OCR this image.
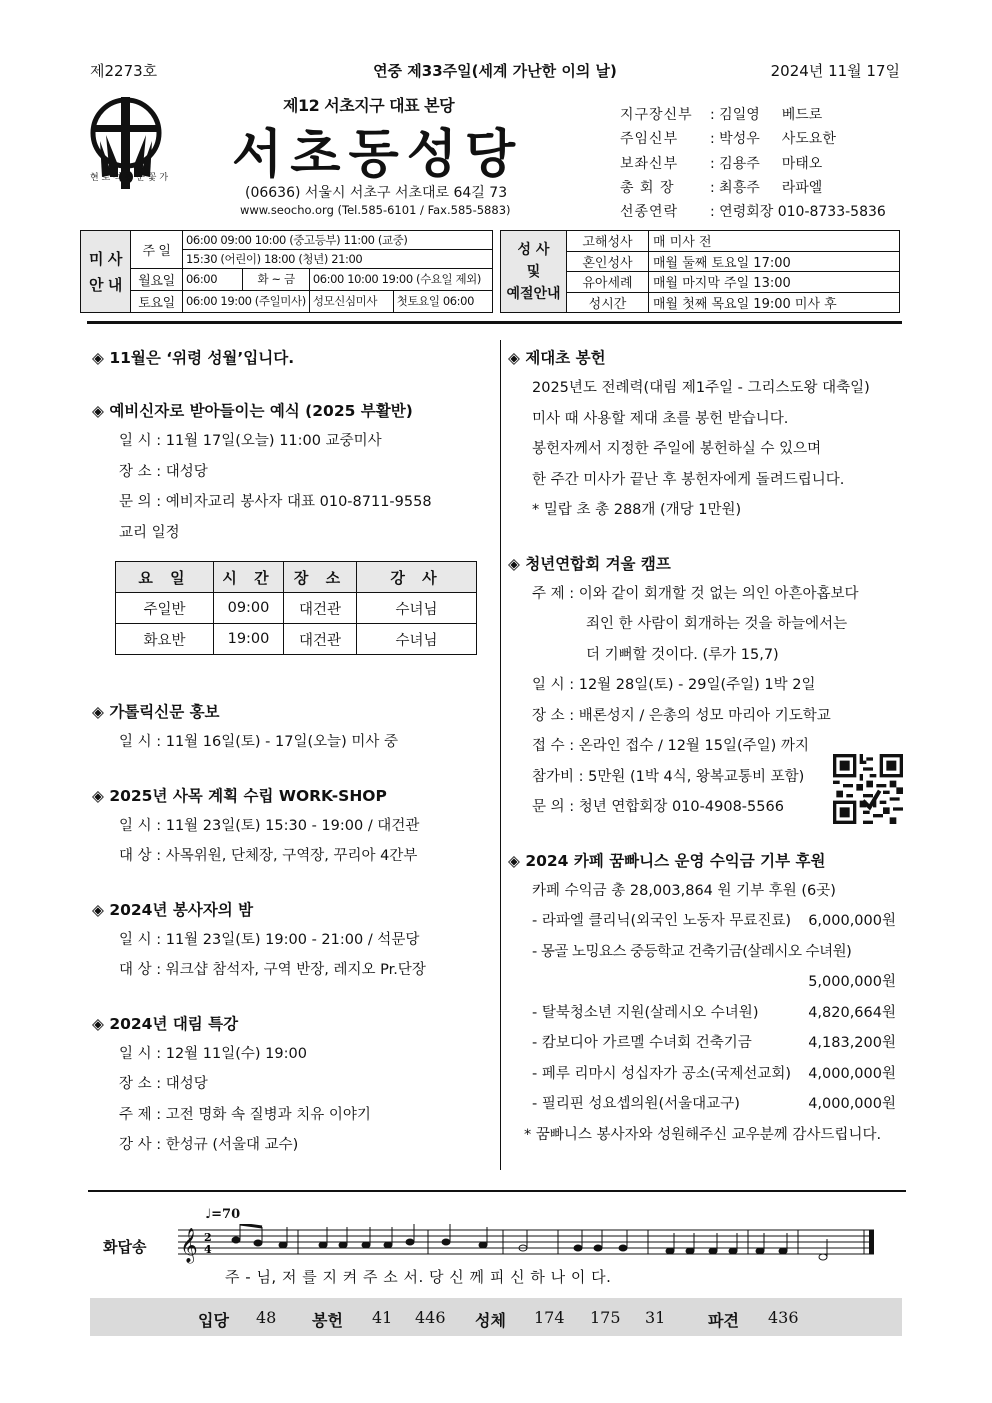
제2273호	연중 제33주일(세계 가난한 이의 날)	2024년 11월 17일
현 로 석 를 문 꽃 가
제12 서초지구 대표 본당
서초동성당
(06636) 서울시 서초구 서초대로 64길 73
www.seocho.org (Tel.585-6101 / Fax.585-5883)
지구장신부	: 김일영 베드로
주임신부	: 박성우 사도요한
보좌신부	: 김용주 마태오
총 회 장	: 최흥주 라파엘
선종연락	: 연령회장 010-8733-5836
미 사
안 내	주 일	06:00 09:00 10:00 (중고등부) 11:00 (교중)			
		15:30 (어린이) 18:00 (청년) 21:00			
	월요일	06:00	화 ~ 금	06:00 10:00 19:00 (수요일 제외)	
	토요일	06:00 19:00 (주일미사)		성모신심미사	첫토요일 06:00
성 사
및
예절안내	고해성사	매 미사 전
	혼인성사	매월 둘째 토요일 17:00
	유아세례	매월 마지막 주일 13:00
	성시간	매월 첫째 목요일 19:00 미사 후
◈ 11월은 ‘위령 성월’입니다.
◈ 예비신자로 받아들이는 예식 (2025 부활반)
일 시 : 11월 17일(오늘) 11:00 교중미사
장 소 : 대성당
문 의 : 예비자교리 봉사자 대표 010-8711-9558
교리 일정
◈ 가톨릭신문 홍보
일 시 : 11월 16일(토) - 17일(오늘) 미사 중
◈ 2025년 사목 계획 수립 WORK-SHOP
일 시 : 11월 23일(토) 15:30 - 19:00 / 대건관
대 상 : 사목위원, 단체장, 구역장, 꾸리아 4간부
◈ 2024년 봉사자의 밤
일 시 : 11월 23일(토) 19:00 - 21:00 / 석문당
대 상 : 워크샵 참석자, 구역 반장, 레지오 Pr.단장
◈ 2024년 대림 특강
일 시 : 12월 11일(수) 19:00
장 소 : 대성당
주 제 : 고전 명화 속 질병과 치유 이야기
강 사 : 한성규 (서울대 교수)
요 일	시 간	장 소	강 사
주일반	09:00	대건관	수녀님
화요반	19:00	대건관	수녀님
◈ 제대초 봉헌
2025년도 전례력(대림 제1주일 - 그리스도왕 대축일)
미사 때 사용할 제대 초를 봉헌 받습니다.
봉헌자께서 지정한 주일에 봉헌하실 수 있으며
한 주간 미사가 끝난 후 봉헌자에게 돌려드립니다.
* 밀랍 초 총 288개 (개당 1만원)
◈ 청년연합회 겨울 캠프
주 제 : 이와 같이 회개할 것 없는 의인 아흔아홉보다
죄인 한 사람이 회개하는 것을 하늘에서는
더 기뻐할 것이다. (루가 15,7)
일 시 : 12월 28일(토) - 29일(주일) 1박 2일
장 소 : 배론성지 / 은총의 성모 마리아 기도학교
접 수 : 온라인 접수 / 12월 15일(주일) 까지
참가비 : 5만원 (1박 4식, 왕복교통비 포함)
문 의 : 청년 연합회장 010-4908-5566
◈ 2024 카페 꿈빠니스 운영 수익금 기부 후원
카페 수익금 총 28,003,864 원 기부 후원 (6곳)
- 라파엘 클리닉(외국인 노동자 무료진료) 6,000,000원
- 몽골 노밍요스 중등학교 건축기금(살레시오 수녀원)
5,000,000원
- 탈북청소년 지원(살레시오 수녀원)	4,820,664원
- 캄보디아 가르멜 수녀회 건축기금	4,183,200원
- 페루 리마시 성십자가 공소(국제선교회) 4,000,000원
- 필리핀 성요셉의원(서울대교구)	4,000,000원
* 꿈빠니스 봉사자와 성원해주신 교우분께 감사드립니다.
화답송
♩=70
𝄞 2
4
주 - 님, 저 를 지 켜 주 소 서. 당 신 께 피 신 하 나 이 다.
입당 48 봉헌 41 446 성체 174 175 31	파견 436
